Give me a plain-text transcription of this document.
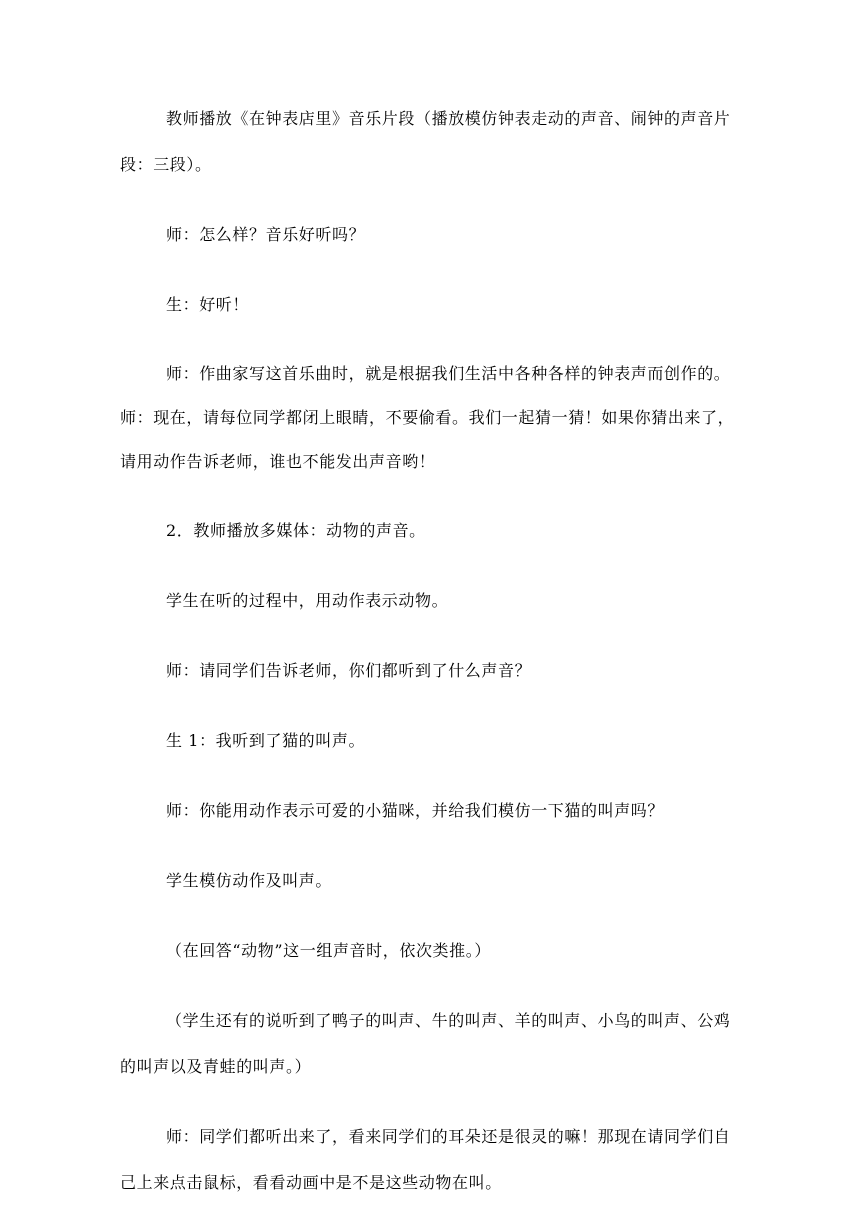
教师播放《在钟表店里》音乐片段（播放模仿钟表走动的声音、闹钟的声音片段：三段）。

师：怎么样？音乐好听吗？

生：好听！

师：作曲家写这首乐曲时，就是根据我们生活中各种各样的钟表声而创作的。

师：现在，请每位同学都闭上眼睛，不要偷看。我们一起猜一猜！如果你猜出来了，请用动作告诉老师，谁也不能发出声音哟！

2．教师播放多媒体：动物的声音。

学生在听的过程中，用动作表示动物。

师：请同学们告诉老师，你们都听到了什么声音？

生 1：我听到了猫的叫声。

师：你能用动作表示可爱的小猫咪，并给我们模仿一下猫的叫声吗？

学生模仿动作及叫声。

（在回答“动物”这一组声音时，依次类推。）

（学生还有的说听到了鸭子的叫声、牛的叫声、羊的叫声、小鸟的叫声、公鸡的叫声以及青蛙的叫声。）

师：同学们都听出来了，看来同学们的耳朵还是很灵的嘛！那现在请同学们自己上来点击鼠标，看看动画中是不是这些动物在叫。
